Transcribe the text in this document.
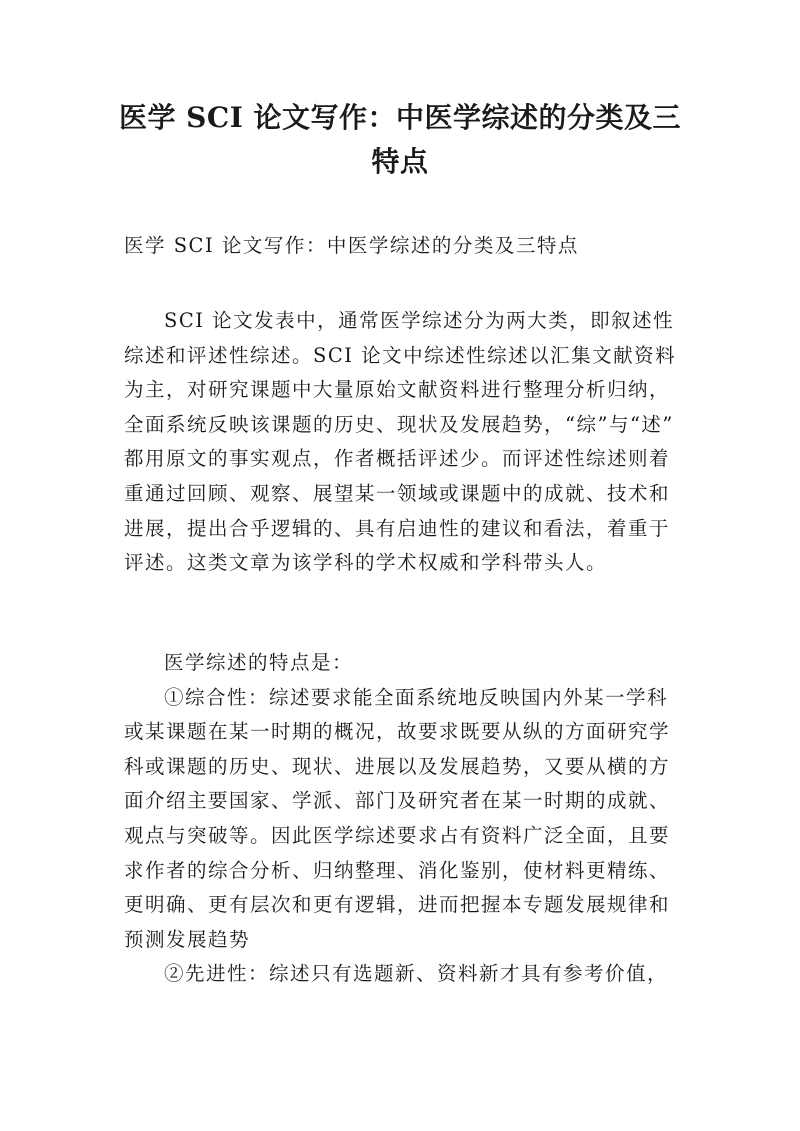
医学 SCI 论文写作：中医学综述的分类及三
特点
医学 SCI 论文写作：中医学综述的分类及三特点
SCI 论文发表中，通常医学综述分为两大类，即叙述性
综述和评述性综述。SCI 论文中综述性综述以汇集文献资料
为主，对研究课题中大量原始文献资料进行整理分析归纳，
全面系统反映该课题的历史、现状及发展趋势，“综”与“述”
都用原文的事实观点，作者概括评述少。而评述性综述则着
重通过回顾、观察、展望某一领域或课题中的成就、技术和
进展，提出合乎逻辑的、具有启迪性的建议和看法，着重于
评述。这类文章为该学科的学术权威和学科带头人。
医学综述的特点是：
①综合性：综述要求能全面系统地反映国内外某一学科
或某课题在某一时期的概况，故要求既要从纵的方面研究学
科或课题的历史、现状、进展以及发展趋势，又要从横的方
面介绍主要国家、学派、部门及研究者在某一时期的成就、
观点与突破等。因此医学综述要求占有资料广泛全面，且要
求作者的综合分析、归纳整理、消化鉴别，使材料更精练、
更明确、更有层次和更有逻辑，进而把握本专题发展规律和
预测发展趋势
②先进性：综述只有选题新、资料新才具有参考价值，
